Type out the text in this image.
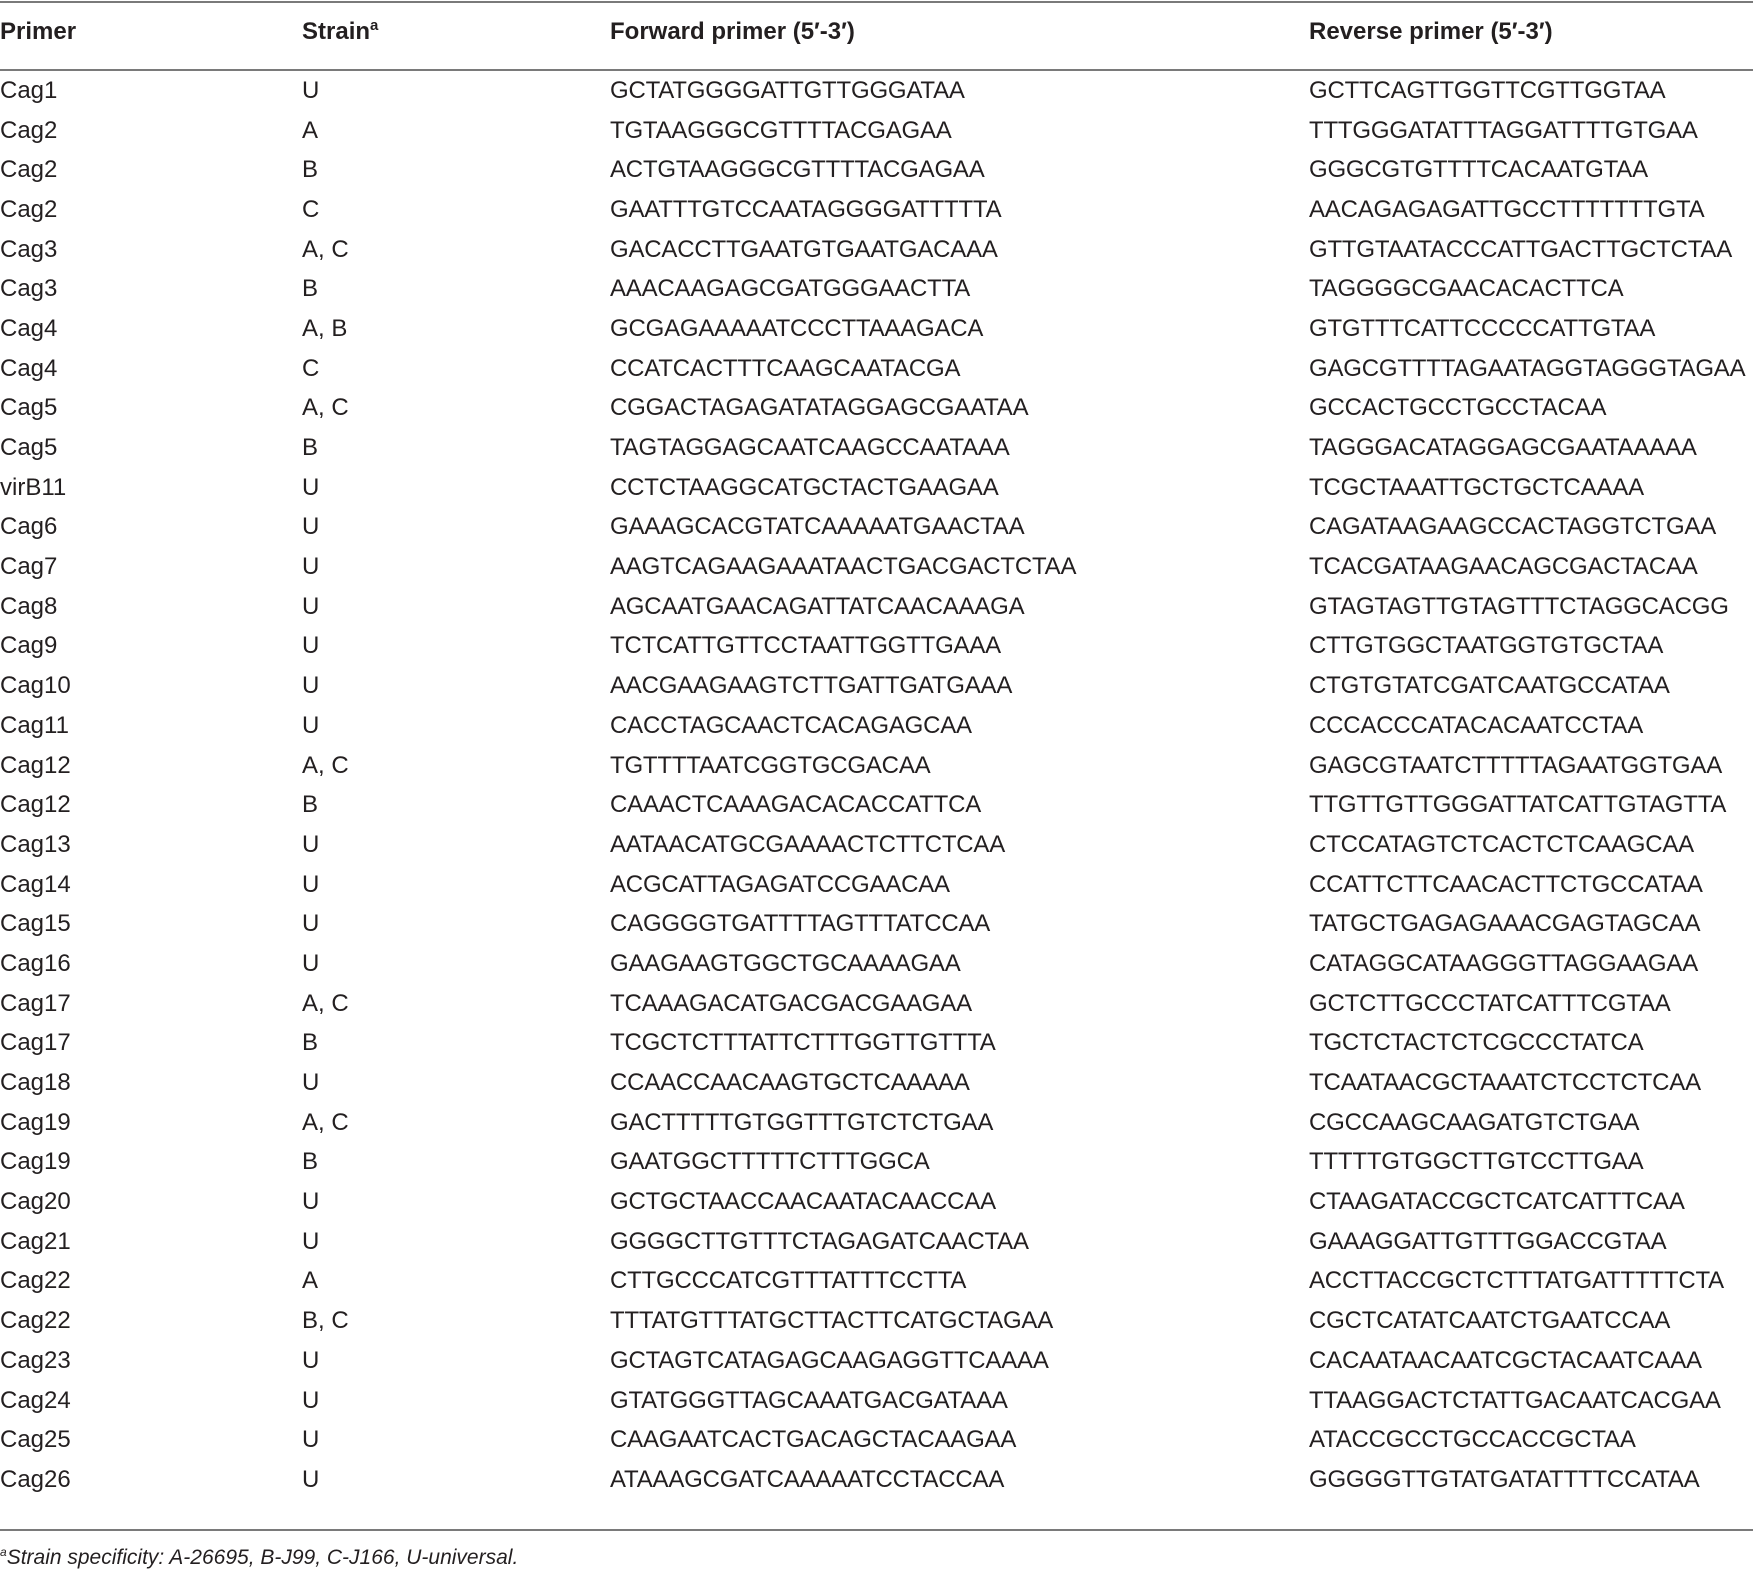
Primer	Strain$^a$	Forward primer (5′-3′)	Reverse primer (5′-3′)

Cag1	U	GCTATGGGGATTGTTGGGATAA	GCTTCAGTTGGTTCGTTGGTAA
Cag2	A	TGTAAGGGCGTTTTACGAGAA	TTTGGGATATTTAGGATTTTGTGAA
Cag2	B	ACTGTAAGGGCGTTTTACGAGAA	GGGCGTGTTTTCACAATGTAA
Cag2	C	GAATTTGTCCAATAGGGGATTTTTA	AACAGAGAGATTGCCTTTTTTTGTA
Cag3	A, C	GACACCTTGAATGTGAATGACAAA	GTTGTAATACCCATTGACTTGCTCTAA
Cag3	B	AAACAAGAGCGATGGGAACTTA	TAGGGGCGAACACACTTCA
Cag4	A, B	GCGAGAAAAATCCCTTAAAGACA	GTGTTTCATTCCCCCATTGTAA
Cag4	C	CCATCACTTTCAAGCAATACGA	GAGCGTTTTAGAATAGGTAGGGTAGAA
Cag5	A, C	CGGACTAGAGATATAGGAGCGAATAA	GCCACTGCCTGCCTACAA
Cag5	B	TAGTAGGAGCAATCAAGCCAATAAA	TAGGGACATAGGAGCGAATAAAAA
virB11	U	CCTCTAAGGCATGCTACTGAAGAA	TCGCTAAATTGCTGCTCAAAA
Cag6	U	GAAAGCACGTATCAAAAATGAACTAA	CAGATAAGAAGCCACTAGGTCTGAA
Cag7	U	AAGTCAGAAGAAATAACTGACGACTCTAA	TCACGATAAGAACAGCGACTACAA
Cag8	U	AGCAATGAACAGATTATCAACAAAGA	GTAGTAGTTGTAGTTTCTAGGCACGG
Cag9	U	TCTCATTGTTCCTAATTGGTTGAAA	CTTGTGGCTAATGGTGTGCTAA
Cag10	U	AACGAAGAAGTCTTGATTGATGAAA	CTGTGTATCGATCAATGCCATAA
Cag11	U	CACCTAGCAACTCACAGAGCAA	CCCACCCATACACAATCCTAA
Cag12	A, C	TGTTTTAATCGGTGCGACAA	GAGCGTAATCTTTTTAGAATGGTGAA
Cag12	B	CAAACTCAAAGACACACCATTCA	TTGTTGTTGGGATTATCATTGTAGTTA
Cag13	U	AATAACATGCGAAAACTCTTCTCAA	CTCCATAGTCTCACTCTCAAGCAA
Cag14	U	ACGCATTAGAGATCCGAACAA	CCATTCTTCAACACTTCTGCCATAA
Cag15	U	CAGGGGTGATTTTAGTTTATCCAA	TATGCTGAGAGAAACGAGTAGCAA
Cag16	U	GAAGAAGTGGCTGCAAAAGAA	CATAGGCATAAGGGTTAGGAAGAA
Cag17	A, C	TCAAAGACATGACGACGAAGAA	GCTCTTGCCCTATCATTTCGTAA
Cag17	B	TCGCTCTTTATTCTTTGGTTGTTTA	TGCTCTACTCTCGCCCTATCA
Cag18	U	CCAACCAACAAGTGCTCAAAAA	TCAATAACGCTAAATCTCCTCTCAA
Cag19	A, C	GACTTTTTGTGGTTTGTCTCTGAA	CGCCAAGCAAGATGTCTGAA
Cag19	B	GAATGGCTTTTTCTTTGGCA	TTTTTGTGGCTTGTCCTTGAA
Cag20	U	GCTGCTAACCAACAATACAACCAA	CTAAGATACCGCTCATCATTTCAA
Cag21	U	GGGGCTTGTTTCTAGAGATCAACTAA	GAAAGGATTGTTTGGACCGTAA
Cag22	A	CTTGCCCATCGTTTATTTCCTTA	ACCTTACCGCTCTTTATGATTTTTCTA
Cag22	B, C	TTTATGTTTATGCTTACTTCATGCTAGAA	CGCTCATATCAATCTGAATCCAA
Cag23	U	GCTAGTCATAGAGCAAGAGGTTCAAAA	CACAATAACAATCGCTACAATCAAA
Cag24	U	GTATGGGTTAGCAAATGACGATAAA	TTAAGGACTCTATTGACAATCACGAA
Cag25	U	CAAGAATCACTGACAGCTACAAGAA	ATACCGCCTGCCACCGCTAA
Cag26	U	ATAAAGCGATCAAAAATCCTACCAA	GGGGGTTGTATGATATTTTCCATAA
$^a$Strain specificity: A-26695, B-J99, C-J166, U-universal.
